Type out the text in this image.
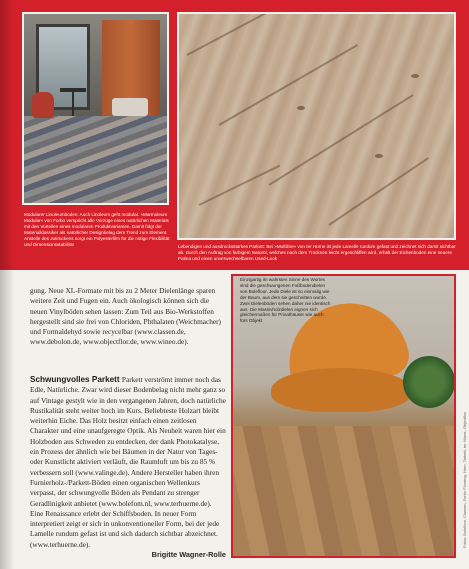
Modularer Linoleumboden: Auch Linoleum geht modular. »Marmoleum Modular« von Forbo verspricht alle Vorzüge eines natürlichen Materials mit den Vorteilen eines modularen Produktvarianten. Damit folgt der Materialklassiker als natürlicher Designbelag dem Trend zum Element. Anstelle des Jutirückens sorgt ein Polyesterfilm für die nötige Flexibilität und Dimensionsstabilität	Lebendigen und ausdrucksstarkes Parkett: Bei »Multiline« von ter Hürne ist jede Lamelle rundum gefast und zeichnet sich damit sichtbar ab. Durch den Auftrag von farbigem Naturöl, welches nach dem Trocknen leicht ergeschliffen wird, erhält der Eichenboden eine neuere Patina und einen unverwechselbaren Used-Look
Einzigartig im wahrsten Sinne des Wortes sind die geschwungenen Fußbodendielen von Bolefloor. Jede Diele ist so einmalig wie der Baum, aus dem sie geschnitten wurde. Zwei Dielenböden sehen daher nie identisch aus. Die Massivholzdielen eignen sich gleichermaßen für Privathäuser wie auch fürs Objekt

gung. Neue XL-Formate mit bis zu 2 Meter Dielenlänge sparen weitere Zeit und Fugen ein. Auch ökologisch können sich die neuen Vinylböden sehen lassen: Zum Teil aus Bio-Werkstoffen hergestellt sind sie frei von Chloriden, Phthalaten (Weichmacher) und Formaldehyd sowie recycelbar (www.classen.de, www.debolon.de, www.objectflor.de, www.wineo.de).

Schwungvolles Parkett Parkett verströmt immer noch das Edle, Natürliche. Zwar wird dieser Bodenbelag nicht mehr ganz so auf Vintage gestylt wie in den vergangenen Jahren, doch natürliche Rustikalität steht weiter hoch im Kurs. Beliebteste Holzart bleibt weiterhin Eiche. Das Holz besitzt einfach einen zeitlosen Charakter und eine unaufgeregte Optik. Als Neuheit waren hier ein Holzboden aus Schweden zu entdecken, der dank Photokatalyse, ein Prozess der ähnlich wie bei Bäumen in der Natur von Tages- oder Kunstlicht aktiviert verläuft, die Raumluft um bis zu 85 % verbessern soll (www.valinge.de). Andere Hersteller haben ihren Furnierholz-/Parkett-Böden einen organischen Wellenkurs verpasst, der schwungvolle Böden als Pendant zu strenger Geradlinigkeit anbietet (www.bolefom.nl, www.terhuerne.de). Eine Renaissance erlebt der Schiffsboden. In neuer Form interpretiert zeigt er sich in unkonventioneller Form, bei der jede Lamelle rundum gefast ist und sich dadurch sichtbar abzeichnet. (www.terhuerne.de).
Brigitte Wagner-Rolle
Fotos: Bolefloor, Classen, Forbo Flooring, Haro, Tarkett, ter Hürne, Objectflor
